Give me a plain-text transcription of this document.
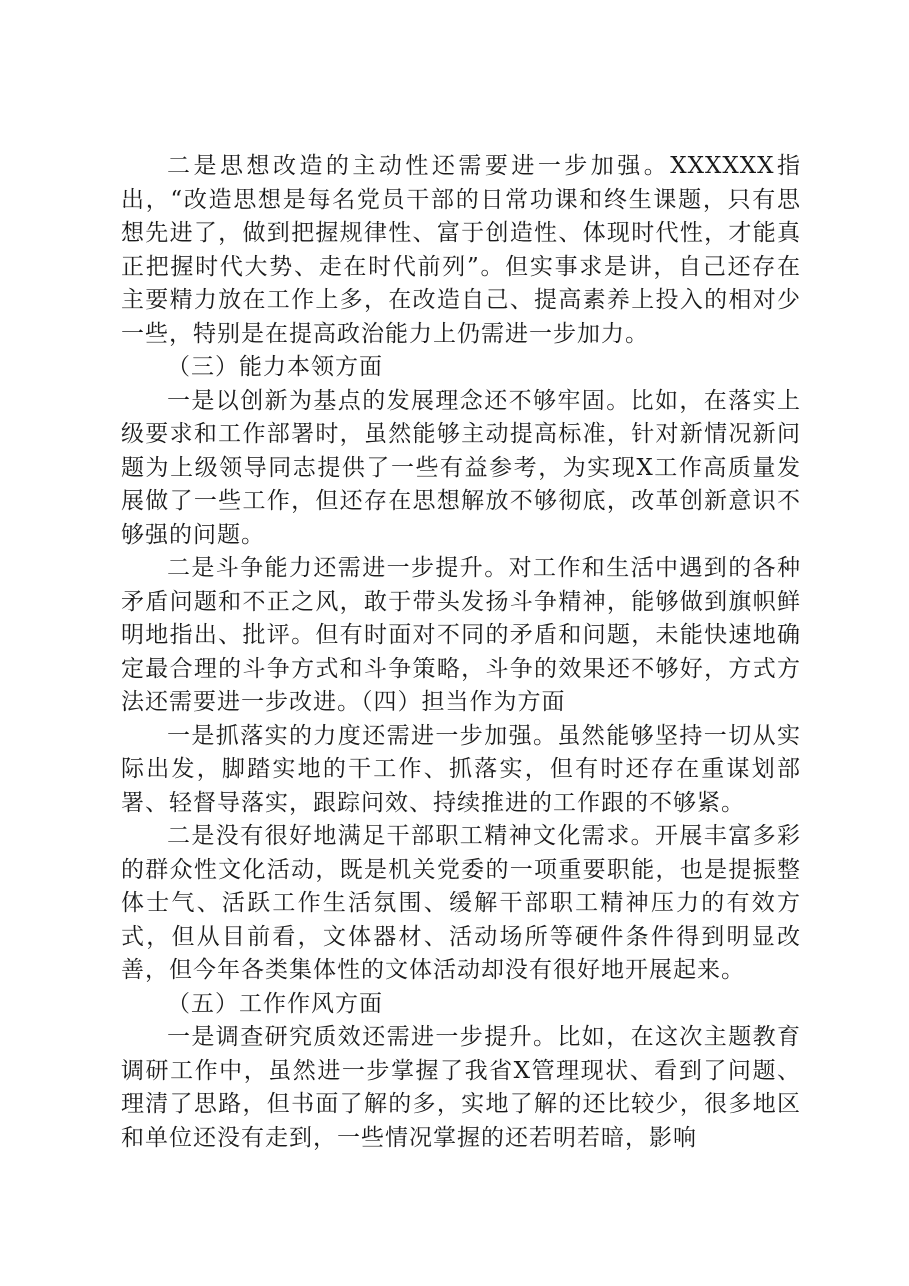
二是思想改造的主动性还需要进一步加强。XXXXXX指出，“改造思想是每名党员干部的日常功课和终生课题，只有思想先进了，做到把握规律性、富于创造性、体现时代性，才能真正把握时代大势、走在时代前列”。但实事求是讲，自己还存在主要精力放在工作上多，在改造自己、提高素养上投入的相对少一些，特别是在提高政治能力上仍需进一步加力。

（三）能力本领方面

一是以创新为基点的发展理念还不够牢固。比如，在落实上级要求和工作部署时，虽然能够主动提高标准，针对新情况新问题为上级领导同志提供了一些有益参考，为实现X工作高质量发展做了一些工作，但还存在思想解放不够彻底，改革创新意识不够强的问题。

二是斗争能力还需进一步提升。对工作和生活中遇到的各种矛盾问题和不正之风，敢于带头发扬斗争精神，能够做到旗帜鲜明地指出、批评。但有时面对不同的矛盾和问题，未能快速地确定最合理的斗争方式和斗争策略，斗争的效果还不够好，方式方法还需要进一步改进。（四）担当作为方面

一是抓落实的力度还需进一步加强。虽然能够坚持一切从实际出发，脚踏实地的干工作、抓落实，但有时还存在重谋划部署、轻督导落实，跟踪问效、持续推进的工作跟的不够紧。

二是没有很好地满足干部职工精神文化需求。开展丰富多彩的群众性文化活动，既是机关党委的一项重要职能，也是提振整体士气、活跃工作生活氛围、缓解干部职工精神压力的有效方式，但从目前看，文体器材、活动场所等硬件条件得到明显改善，但今年各类集体性的文体活动却没有很好地开展起来。

（五）工作作风方面

一是调查研究质效还需进一步提升。比如，在这次主题教育调研工作中，虽然进一步掌握了我省X管理现状、看到了问题、理清了思路，但书面了解的多，实地了解的还比较少，很多地区和单位还没有走到，一些情况掌握的还若明若暗，影响
